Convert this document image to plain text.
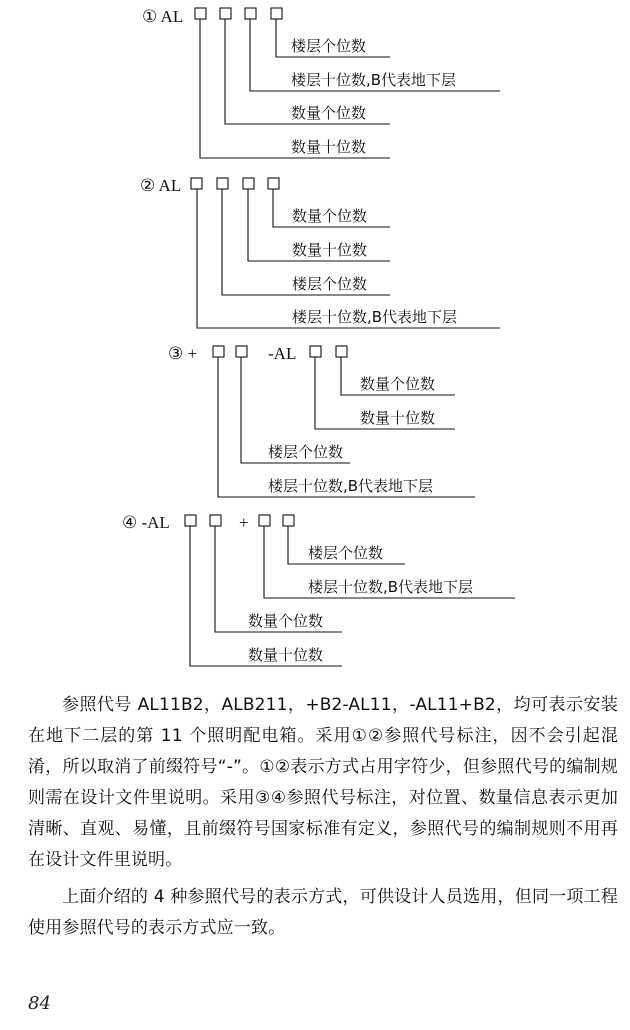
① AL
楼层个位数
楼层十位数,B代表地下层
数量个位数
数量十位数
② AL
数量个位数
数量十位数
楼层个位数
楼层十位数,B代表地下层
③ +	-AL
数量个位数
数量十位数
楼层个位数
楼层十位数,B代表地下层
④ -AL	+
楼层个位数
楼层十位数,B代表地下层
数量个位数
数量十位数

参照代号 AL11B2，ALB211，+B2-AL11，-AL11+B2，均可表示安装在地下二层的第 11 个照明配电箱。采用①②参照代号标注，因不会引起混淆，所以取消了前缀符号“-”。①②表示方式占用字符少，但参照代号的编制规则需在设计文件里说明。采用③④参照代号标注，对位置、数量信息表示更加清晰、直观、易懂，且前缀符号国家标准有定义，参照代号的编制规则不用再在设计文件里说明。

上面介绍的 4 种参照代号的表示方式，可供设计人员选用，但同一项工程使用参照代号的表示方式应一致。

84
